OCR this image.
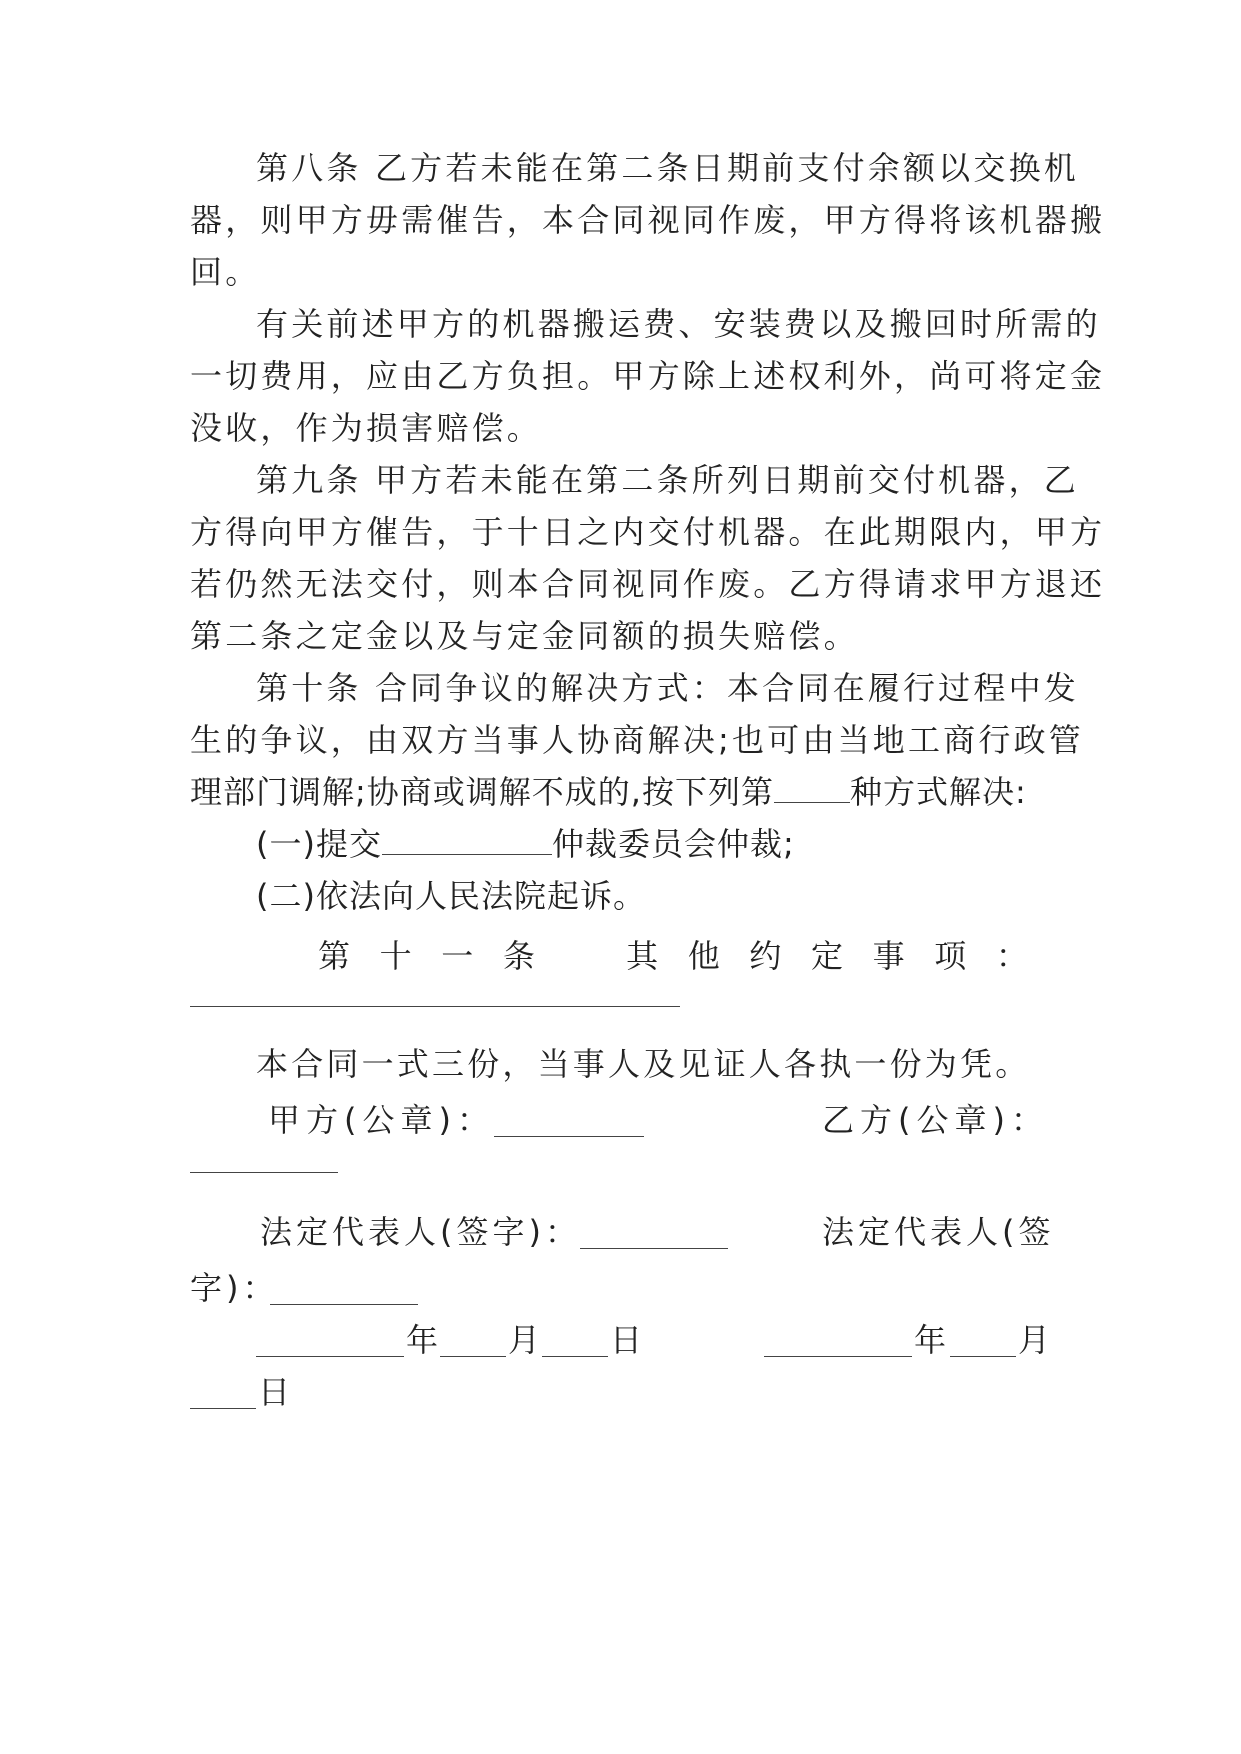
第八条 乙方若未能在第二条日期前支付余额以交换机
器，则甲方毋需催告，本合同视同作废，甲方得将该机器搬
回。
有关前述甲方的机器搬运费、安装费以及搬回时所需的
一切费用，应由乙方负担。甲方除上述权利外，尚可将定金
没收，作为损害赔偿。
第九条 甲方若未能在第二条所列日期前交付机器，乙
方得向甲方催告，于十日之内交付机器。在此期限内，甲方
若仍然无法交付，则本合同视同作废。乙方得请求甲方退还
第二条之定金以及与定金同额的损失赔偿。
第十条 合同争议的解决方式：本合同在履行过程中发
生的争议，由双方当事人协商解决;也可由当地工商行政管
理部门调解;协商或调解不成的,按下列第 种方式解决:
(一)提交	仲裁委员会仲裁;
(二)依法向人民法院起诉。
第 十 一 条	其 他 约 定 事 项 ：
本合同一式三份，当事人及见证人各执一份为凭。
甲方(公章)：	乙方(公章)：
法定代表人(签字)：	法定代表人(签
字)：
年 月 日	年 月
日
